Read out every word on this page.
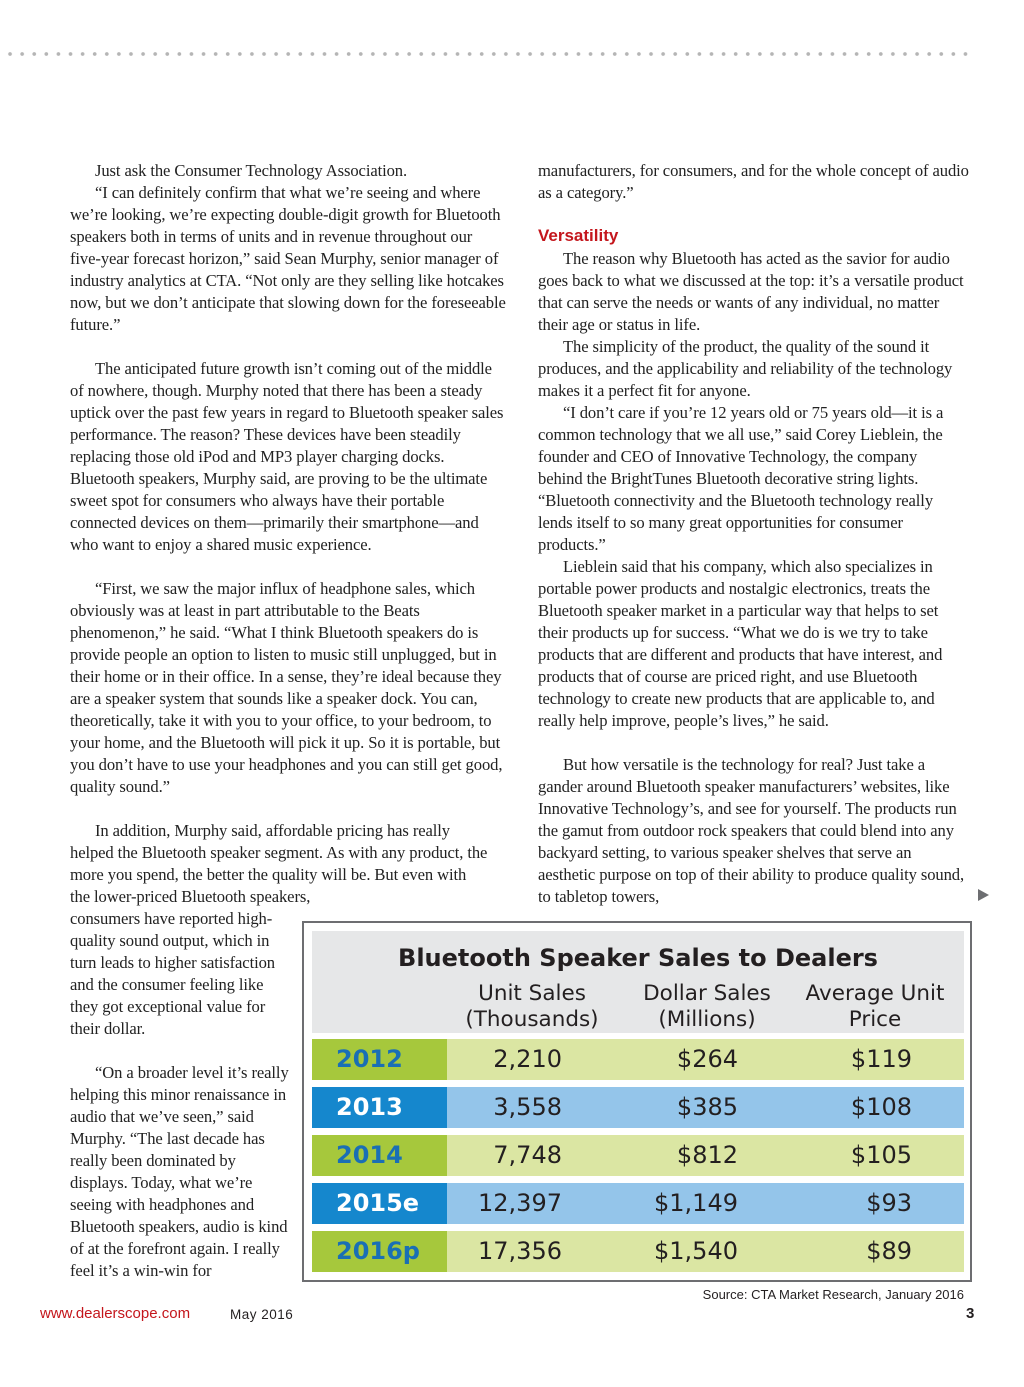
Just ask the Consumer Technology Association.

“I can definitely confirm that what we’re seeing and where we’re looking, we’re expecting double-digit growth for Bluetooth speakers both in terms of units and in revenue throughout our five-year forecast horizon,” said Sean Murphy, senior manager of industry analytics at CTA. “Not only are they selling like hotcakes now, but we don’t anticipate that slowing down for the foreseeable future.”

The anticipated future growth isn’t coming out of the middle of nowhere, though. Murphy noted that there has been a steady uptick over the past few years in regard to Bluetooth speaker sales performance. The reason? These devices have been steadily replacing those old iPod and MP3 player charging docks. Bluetooth speakers, Murphy said, are proving to be the ultimate sweet spot for consumers who always have their portable connected devices on them—primarily their smartphone—and who want to enjoy a shared music experience.

“First, we saw the major influx of headphone sales, which obviously was at least in part attributable to the Beats phenomenon,” he said. “What I think Bluetooth speakers do is provide people an option to listen to music still unplugged, but in their home or in their office. In a sense, they’re ideal because they are a speaker system that sounds like a speaker dock. You can, theoretically, take it with you to your office, to your bedroom, to your home, and the Bluetooth will pick it up. So it is portable, but you don’t have to use your headphones and you can still get good, quality sound.”

In addition, Murphy said, affordable pricing has really helped the Bluetooth speaker segment. As with any product, the more you spend, the better the quality will be. But even with the lower-priced Bluetooth speakers,

consumers have reported high-quality sound output, which in turn leads to higher satisfaction and the consumer feeling like they got exceptional value for their dollar.

“On a broader level it’s really helping this minor renaissance in audio that we’ve seen,” said Murphy. “The last decade has really been dominated by displays. Today, what we’re seeing with headphones and Bluetooth speakers, audio is kind of at the forefront again. I really feel it’s a win-win for

manufacturers, for consumers, and for the whole concept of audio as a category.”

Versatility

The reason why Bluetooth has acted as the savior for audio goes back to what we discussed at the top: it’s a versatile product that can serve the needs or wants of any individual, no matter their age or status in life.

The simplicity of the product, the quality of the sound it produces, and the applicability and reliability of the technology makes it a perfect fit for anyone.

“I don’t care if you’re 12 years old or 75 years old—it is a common technology that we all use,” said Corey Lieblein, the founder and CEO of Innovative Technology, the company behind the BrightTunes Bluetooth decorative string lights. “Bluetooth connectivity and the Bluetooth technology really lends itself to so many great opportunities for consumer products.”

Lieblein said that his company, which also specializes in portable power products and nostalgic electronics, treats the Bluetooth speaker market in a particular way that helps to set their products up for success. “What we do is we try to take products that are different and products that have interest, and products that of course are priced right, and use Bluetooth technology to create new products that are applicable to, and really help improve, people’s lives,” he said.

But how versatile is the technology for real? Just take a gander around Bluetooth speaker manufacturers’ websites, like Innovative Technology’s, and see for yourself. The products run the gamut from outdoor rock speakers that could blend into any backyard setting, to various speaker shelves that serve an aesthetic purpose on top of their ability to produce quality sound, to tabletop towers,

Bluetooth Speaker Sales to Dealers

Unit Sales
(Thousands)

Dollar Sales
(Millions)

Average Unit
Price

2012	2,210	$264	$119
2013	3,558	$385	$108
2014	7,748	$812	$105
2015e	12,397	$1,149	$93
2016p	17,356	$1,540	$89

Source: CTA Market Research, January 2016

www.dealerscope.com	May 2016	3
